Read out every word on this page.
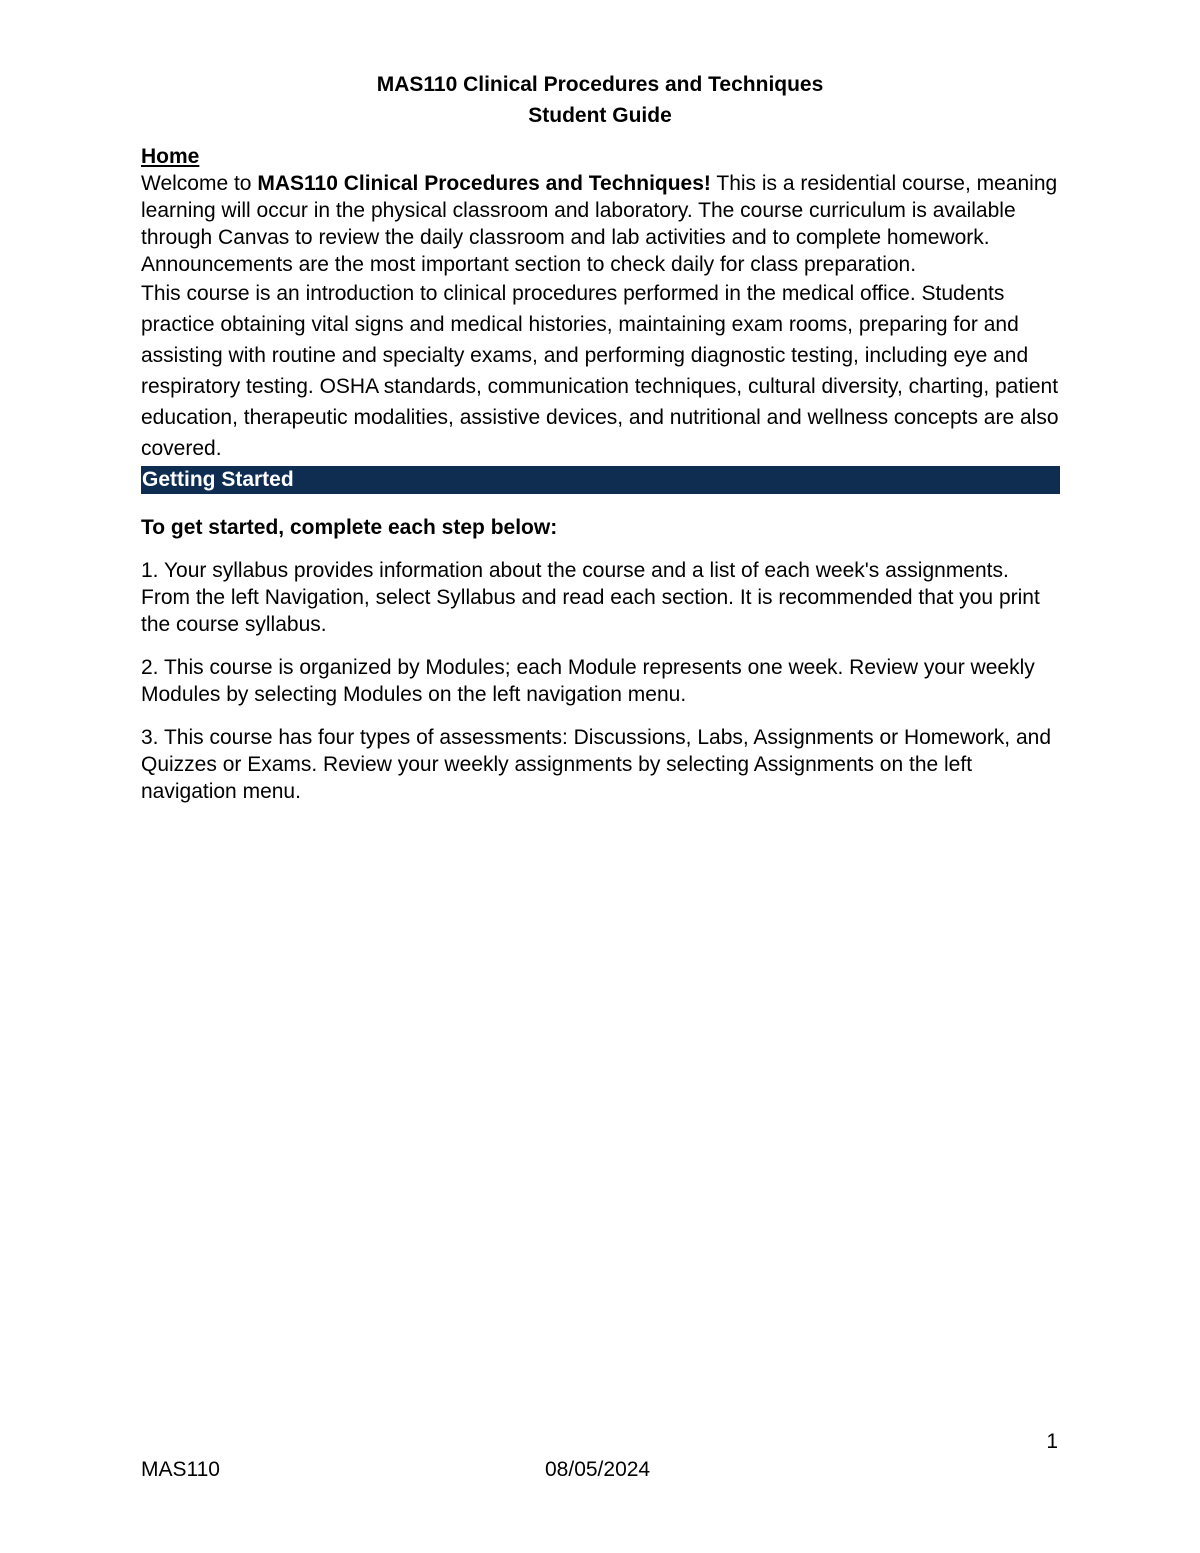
MAS110 Clinical Procedures and Techniques
Student Guide
Home

Welcome to MAS110 Clinical Procedures and Techniques! This is a residential course, meaning learning will occur in the physical classroom and laboratory. The course curriculum is available through Canvas to review the daily classroom and lab activities and to complete homework. Announcements are the most important section to check daily for class preparation.

This course is an introduction to clinical procedures performed in the medical office. Students practice obtaining vital signs and medical histories, maintaining exam rooms, preparing for and assisting with routine and specialty exams, and performing diagnostic testing, including eye and respiratory testing. OSHA standards, communication techniques, cultural diversity, charting, patient education, therapeutic modalities, assistive devices, and nutritional and wellness concepts are also covered.

Getting Started

To get started, complete each step below:

1. Your syllabus provides information about the course and a list of each week's assignments. From the left Navigation, select Syllabus and read each section. It is recommended that you print the course syllabus.

2. This course is organized by Modules; each Module represents one week. Review your weekly Modules by selecting Modules on the left navigation menu.

3. This course has four types of assessments: Discussions, Labs, Assignments or Homework, and Quizzes or Exams. Review your weekly assignments by selecting Assignments on the left navigation menu.

1
MAS110	08/05/2024
